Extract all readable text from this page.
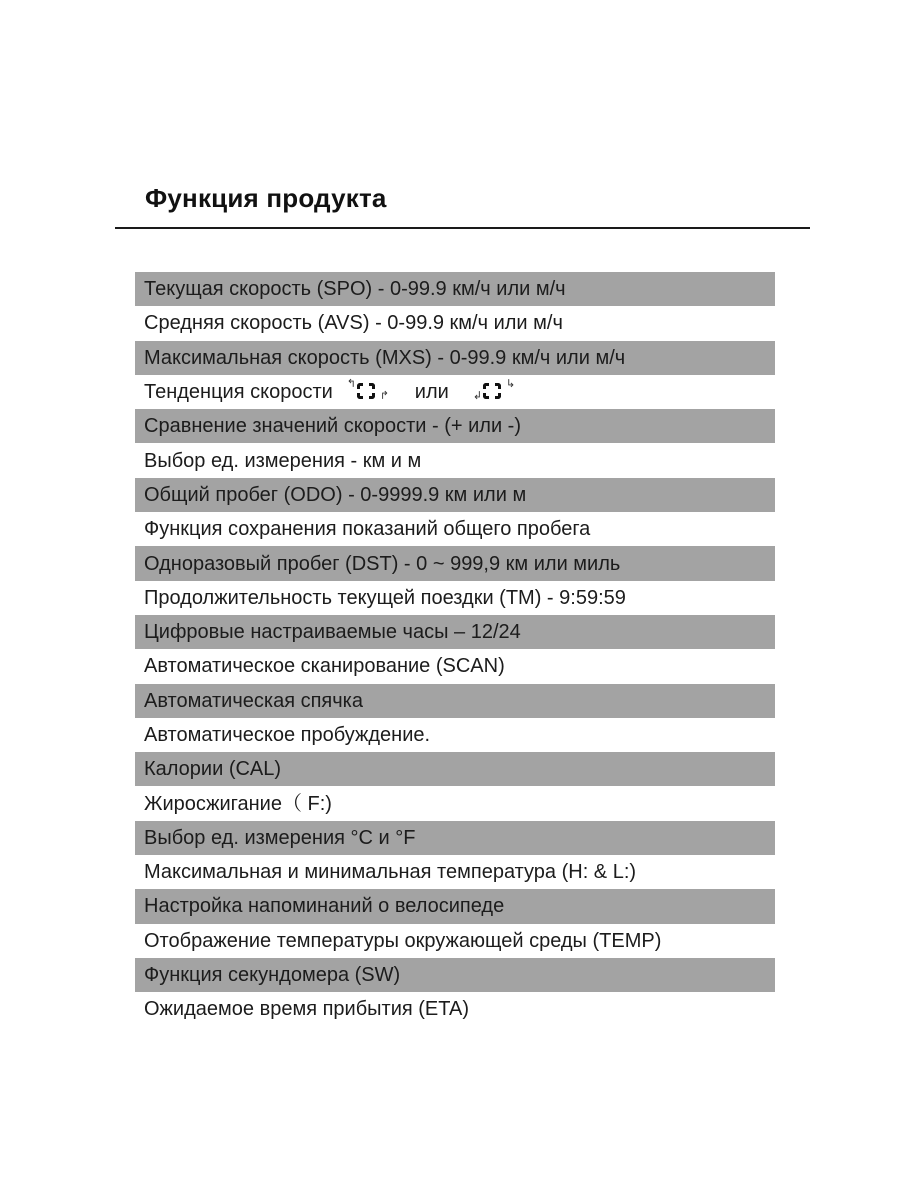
Функция продукта
Текущая скорость (SPO) - 0-99.9 км/ч или м/ч
Средняя скорость (AVS) - 0-99.9 км/ч или м/ч
Максимальная скорость (MXS) - 0-99.9 км/ч или м/ч
Тенденция скорости ↰
↱ или ↲
↳
Сравнение значений скорости - (+ или -)
Выбор ед. измерения - км и м
Общий пробег (ODO) - 0-9999.9 км или м
Функция сохранения показаний общего пробега
Одноразовый пробег (DST) - 0 ~ 999,9 км или миль
Продолжительность текущей поездки (TM) - 9:59:59
Цифровые настраиваемые часы – 12/24
Автоматическое сканирование (SCAN)
Автоматическая спячка
Автоматическое пробуждение.
Калории (CAL)
Жиросжигание（ F:)
Выбор ед. измерения °C и °F
Максимальная и минимальная температура (H: & L:)
Настройка напоминаний о велосипеде
Отображение температуры окружающей среды (TEMP)
Функция секундомера (SW)
Ожидаемое время прибытия (ETA)
